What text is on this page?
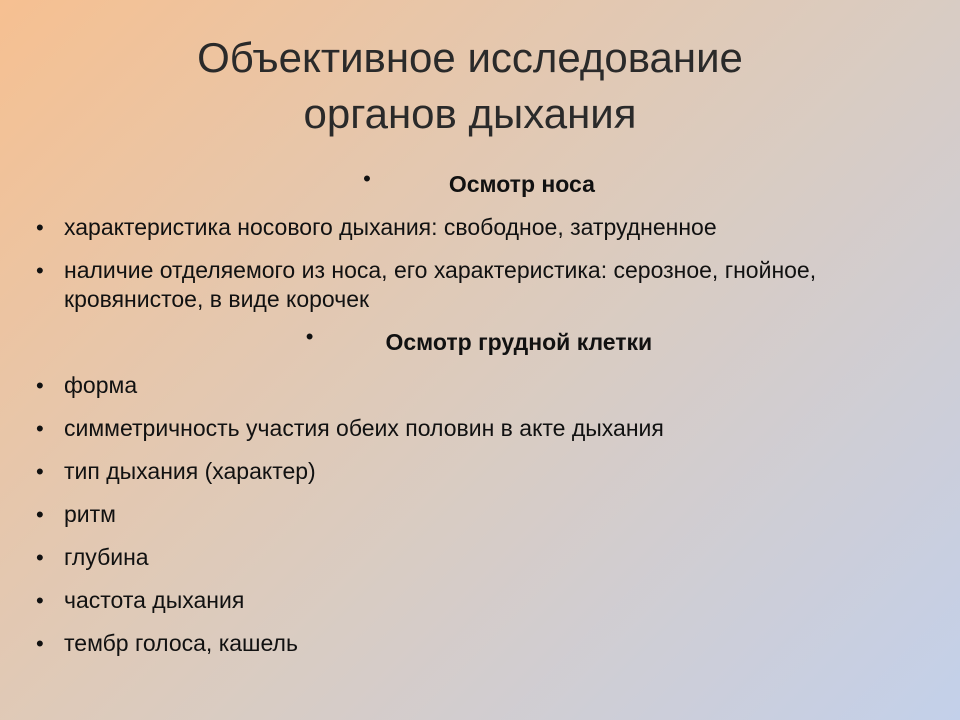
Объективное исследование
органов дыхания
•	Осмотр носа
• характеристика носового дыхания: свободное, затрудненное
• наличие отделяемого из носа, его характеристика: серозное, гнойное, кровянистое, в виде корочек
•	Осмотр грудной клетки
• форма
• симметричность участия обеих половин в акте дыхания
• тип дыхания (характер)
• ритм
• глубина
• частота дыхания
• тембр голоса, кашель
